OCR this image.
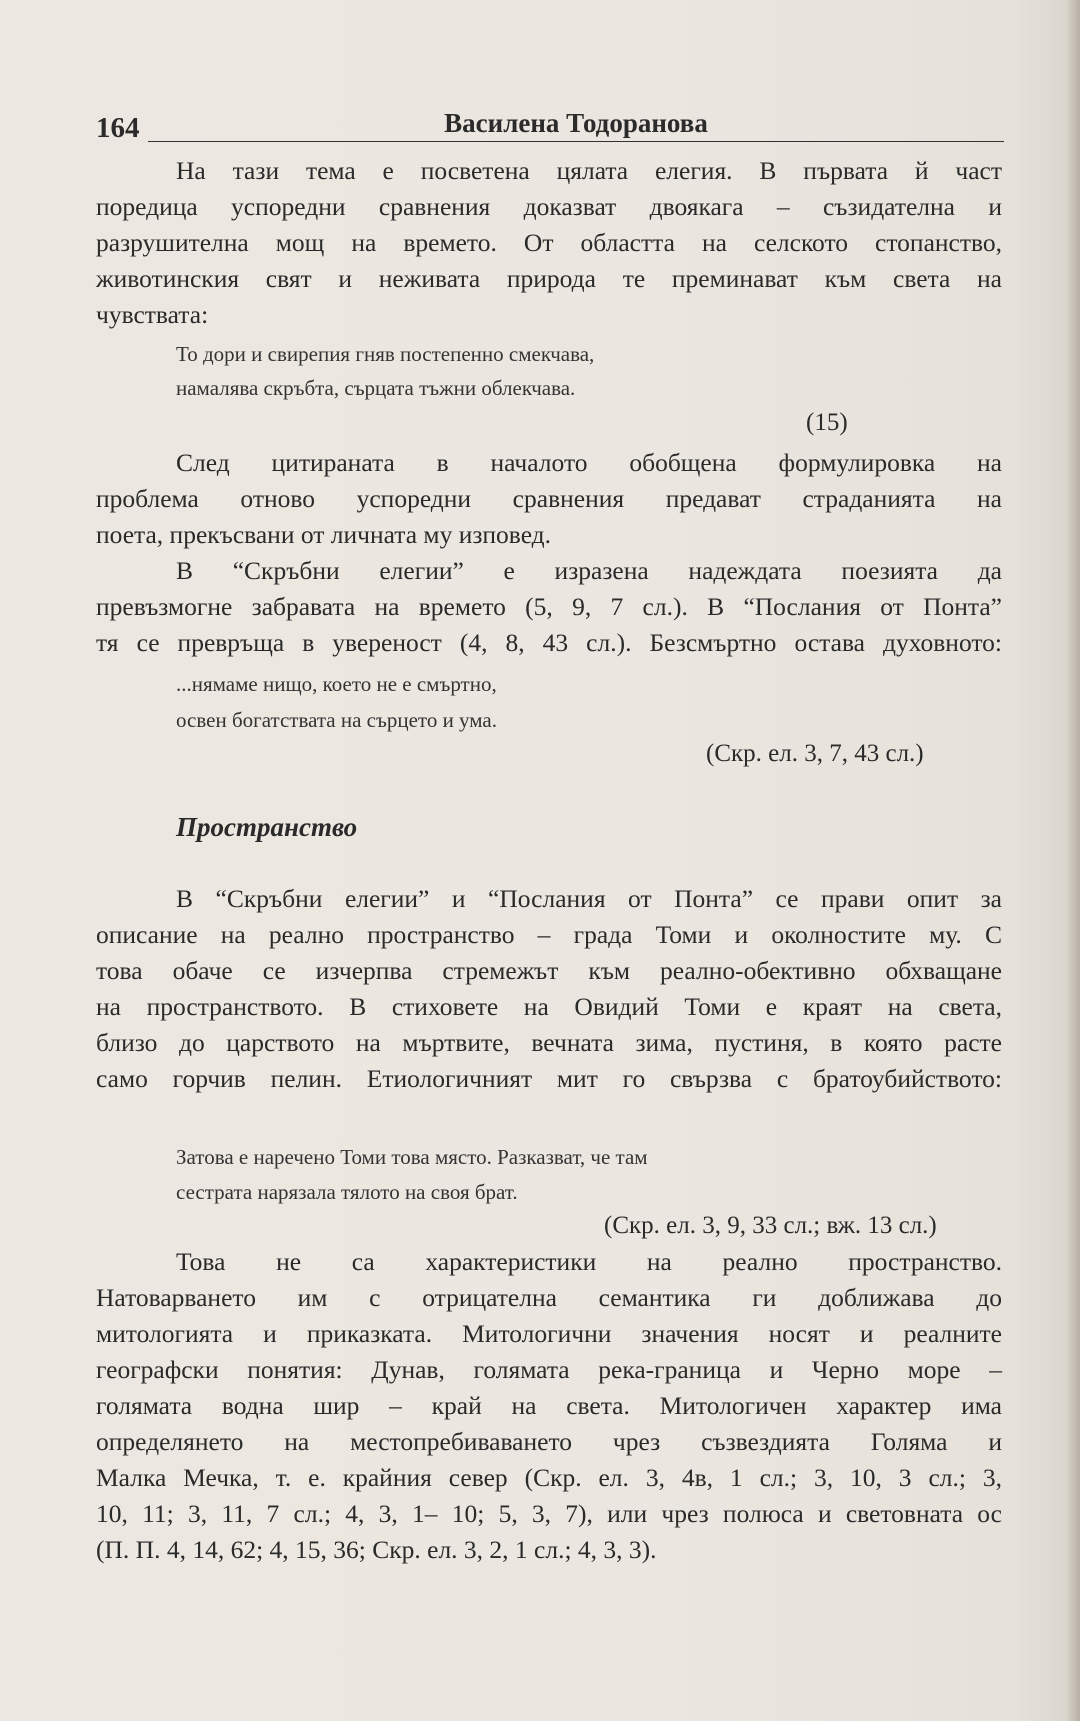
164	Василена Тодоранова
На тази тема е посветена цялата елегия. В първата й част
поредица успоредни сравнения доказват двоякага – съзидателна и
разрушителна мощ на времето. От областта на селското стопанство,
животинския свят и неживата природа те преминават към света на
чувствата:
То дори и свирепия гняв постепенно смекчава,
намалява скръбта, сърцата тъжни облекчава.
(15)
След цитираната в началото обобщена формулировка на
проблема отново успоредни сравнения предават страданията на
поета, прекъсвани от личната му изповед.
В “Скръбни елегии” е изразена надеждата поезията да
превъзмогне забравата на времето (5, 9, 7 сл.). В “Послания от Понта”
тя се превръща в увереност (4, 8, 43 сл.). Безсмъртно остава духовното:
...нямаме нищо, което не е смъртно,
освен богатствата на сърцето и ума.
(Скр. ел. 3, 7, 43 сл.)
Пространство
В “Скръбни елегии” и “Послания от Понта” се прави опит за
описание на реално пространство – града Томи и околностите му. С
това обаче се изчерпва стремежът към реално-обективно обхващане
на пространството. В стиховете на Овидий Томи е краят на света,
близо до царството на мъртвите, вечната зима, пустиня, в която расте
само горчив пелин. Етиологичният мит го свързва с братоубийството:
Затова е наречено Томи това място. Разказват, че там
сестрата нарязала тялото на своя брат.
(Скр. ел. 3, 9, 33 сл.; вж. 13 сл.)
Това не са характеристики на реално пространство.
Натоварването им с отрицателна семантика ги доближава до
митологията и приказката. Митологични значения носят и реалните
географски понятия: Дунав, голямата река-граница и Черно море –
голямата водна шир – край на света. Митологичен характер има
определянето на местопребиваването чрез съзвездията Голяма и
Малка Мечка, т. е. крайния север (Скр. ел. 3, 4в, 1 сл.; 3, 10, 3 сл.; 3,
10, 11; 3, 11, 7 сл.; 4, 3, 1– 10; 5, 3, 7), или чрез полюса и световната ос
(П. П. 4, 14, 62; 4, 15, 36; Скр. ел. 3, 2, 1 сл.; 4, 3, 3).
